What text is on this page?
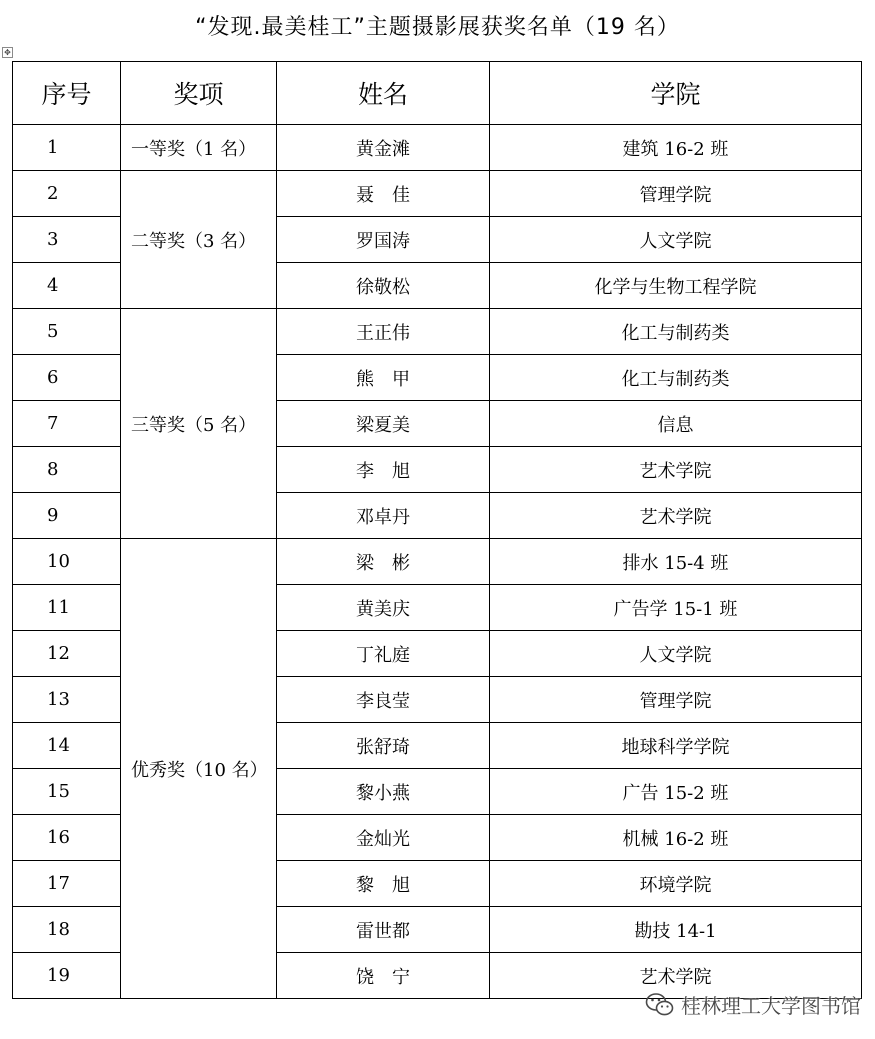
“发现.最美桂工”主题摄影展获奖名单（19 名）
✥
序号	奖项	姓名	学院
1	一等奖（1 名）	黄金滩	建筑 16-2 班
2	二等奖（3 名）	聂　佳	管理学院
3		罗国涛	人文学院
4		徐敬松	化学与生物工程学院
5	三等奖（5 名）	王正伟	化工与制药类
6		熊　甲	化工与制药类
7		梁夏美	信息
8		李　旭	艺术学院
9		邓卓丹	艺术学院
10	优秀奖（10 名）	梁　彬	排水 15-4 班
11		黄美庆	广告学 15-1 班
12		丁礼庭	人文学院
13		李良莹	管理学院
14		张舒琦	地球科学学院
15		黎小燕	广告 15-2 班
16		金灿光	机械 16-2 班
17		黎　旭	环境学院
18		雷世都	勘技 14-1
19		饶　宁	艺术学院
桂林理工大学图书馆
